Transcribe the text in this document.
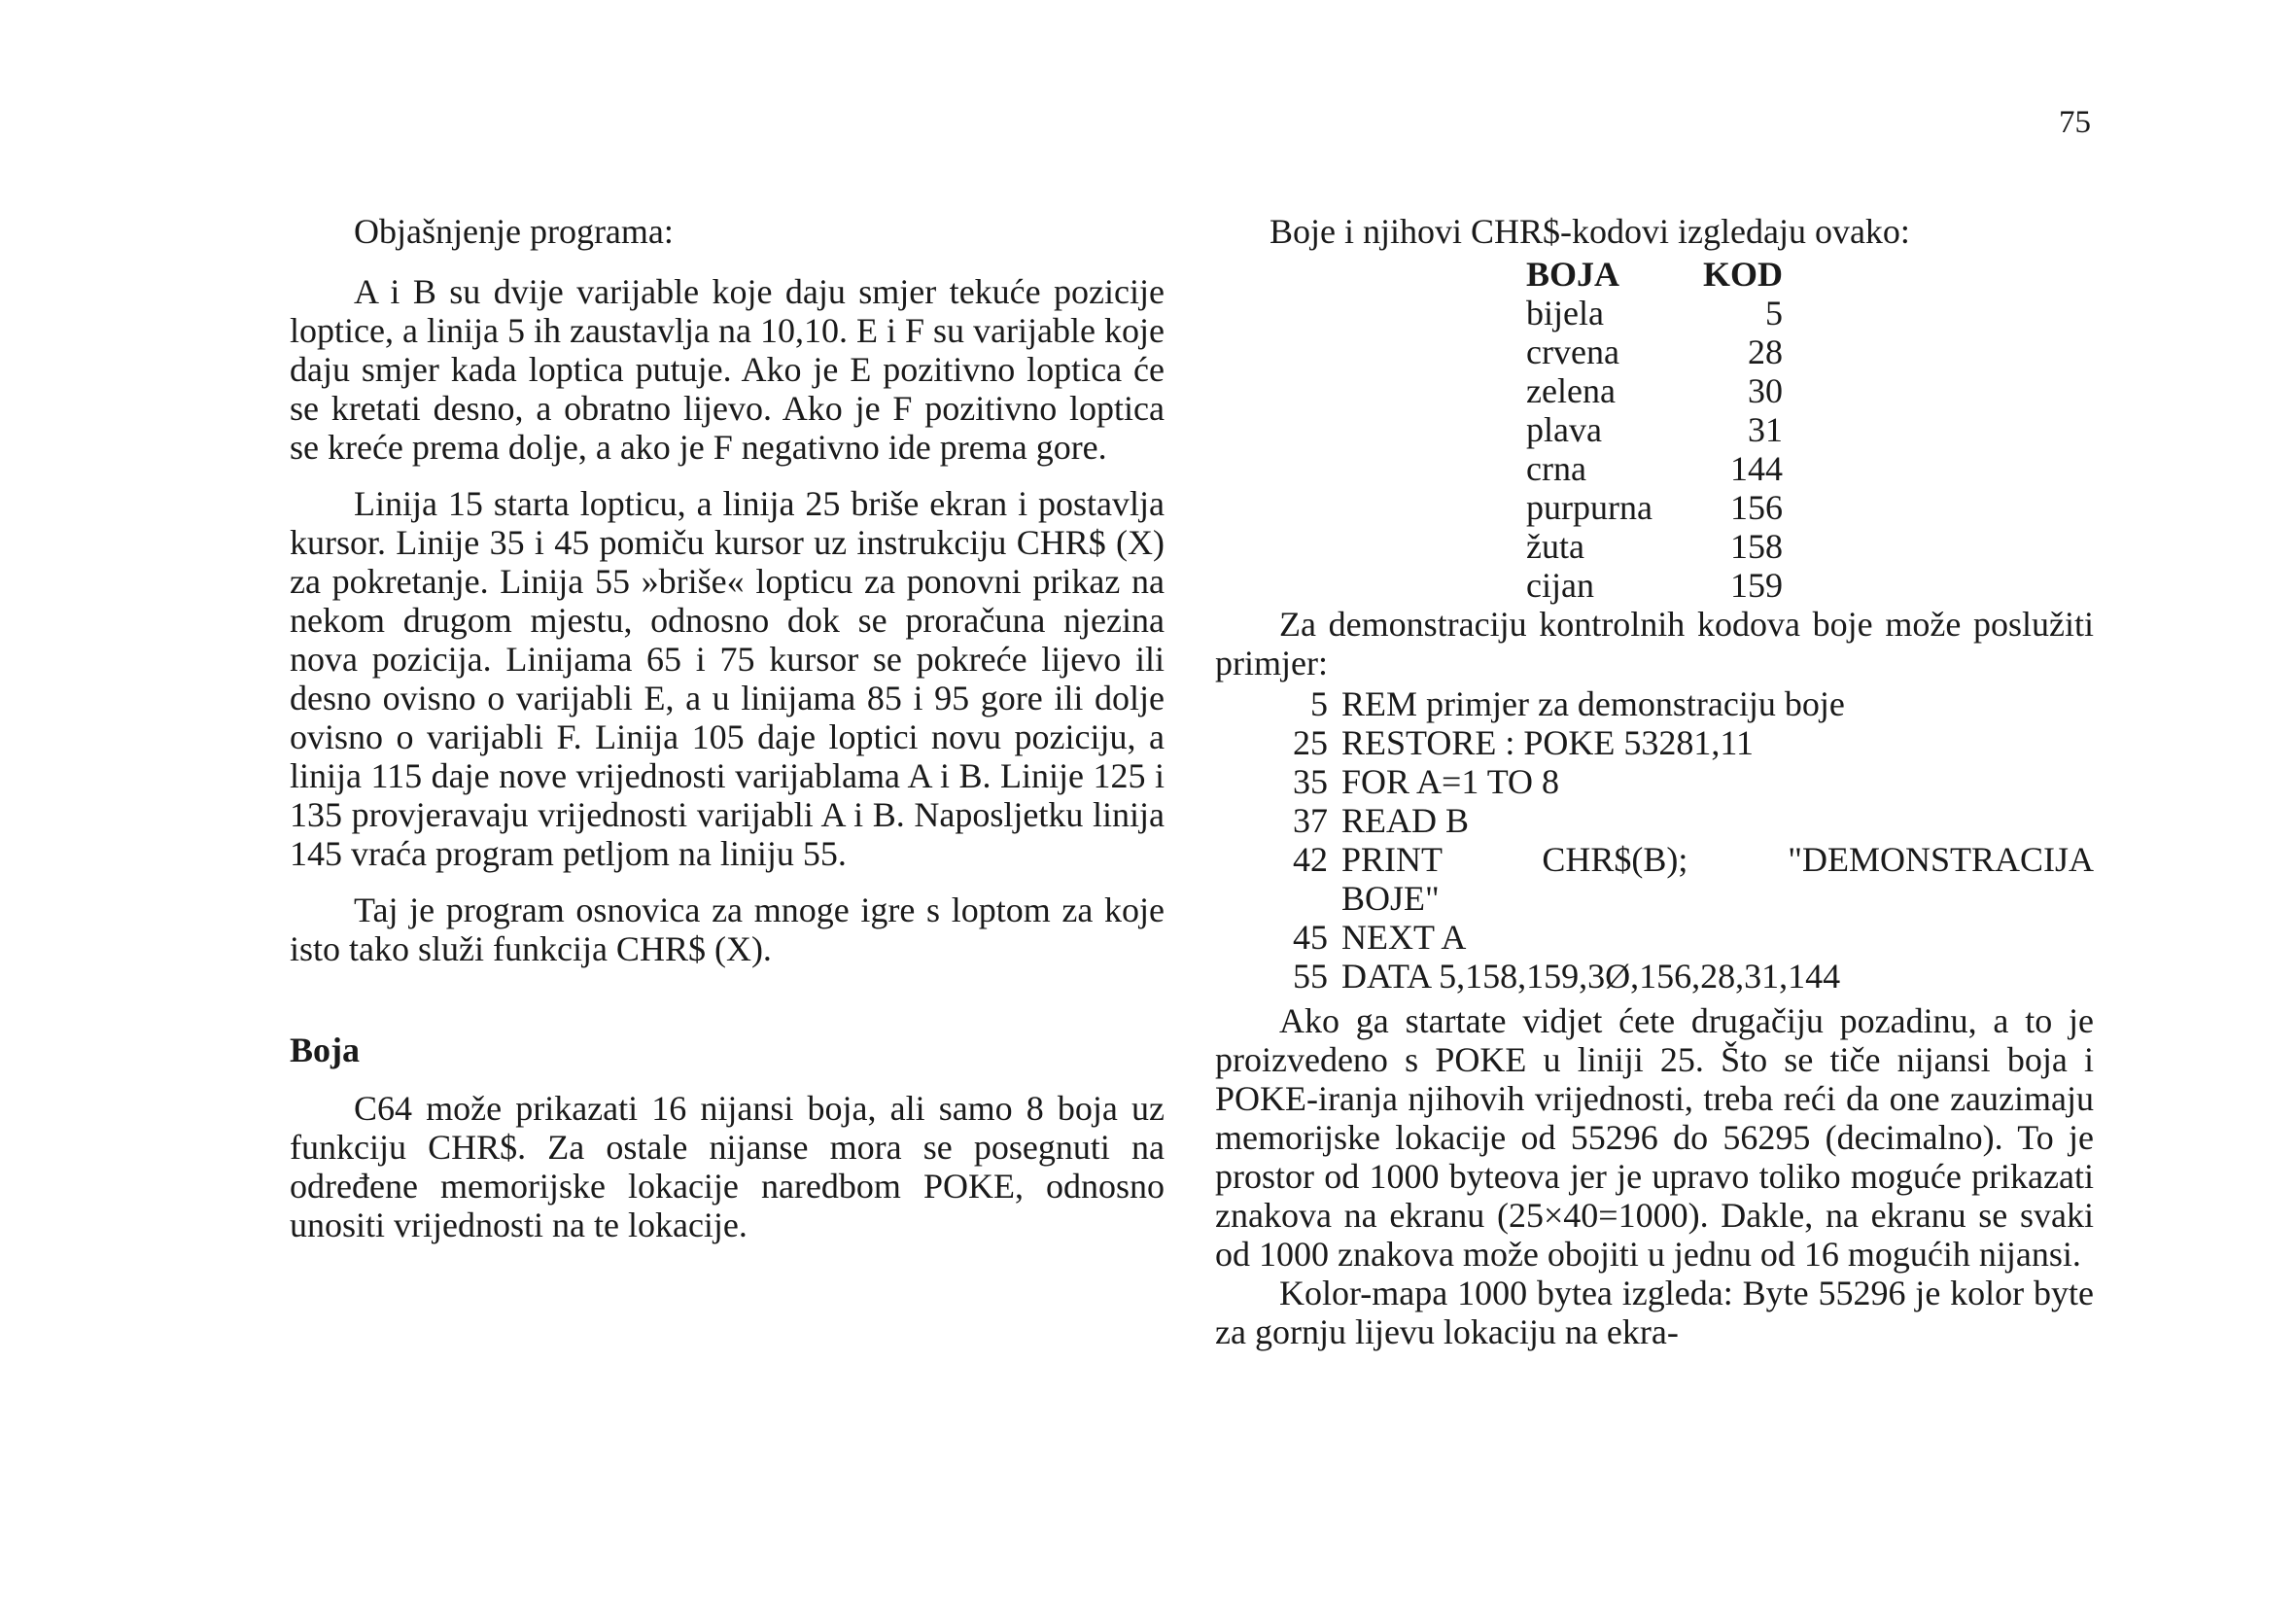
75
Objašnjenje programa:

A i B su dvije varijable koje daju smjer tekuće pozicije loptice, a linija 5 ih zaustavlja na 10,10. E i F su varijable koje daju smjer kada loptica putuje. Ako je E pozitivno loptica će se kretati desno, a obratno lijevo. Ako je F pozitivno loptica se kreće prema dolje, a ako je F negativno ide prema gore.

Linija 15 starta lopticu, a linija 25 briše ekran i postavlja kursor. Linije 35 i 45 pomiču kursor uz instrukciju CHR$ (X) za pokretanje. Linija 55 »briše« lopticu za ponovni prikaz na nekom drugom mjestu, odnosno dok se proračuna njezina nova pozicija. Linijama 65 i 75 kursor se pokreće lijevo ili desno ovisno o varijabli E, a u linijama 85 i 95 gore ili dolje ovisno o varijabli F. Linija 105 daje loptici novu poziciju, a linija 115 daje nove vrijednosti varijablama A i B. Linije 125 i 135 provjeravaju vrijednosti varijabli A i B. Naposljetku linija 145 vraća program petljom na liniju 55.

Taj je program osnovica za mnoge igre s loptom za koje isto tako služi funkcija CHR$ (X).

Boja

C64 može prikazati 16 nijansi boja, ali samo 8 boja uz funkciju CHR$. Za ostale nijanse mora se posegnuti na određene memorijske lokacije naredbom POKE, odnosno unositi vrijednosti na te lokacije.

Boje i njihovi CHR$-kodovi izgledaju ovako:
BOJA	KOD
bijela	5
crvena	28
zelena	30
plava	31
crna	144
purpurna	156
žuta	158
cijan	159

Za demonstraciju kontrolnih kodova boje može poslužiti primjer:

5 REM primjer za demonstraciju boje
25 RESTORE : POKE 53281,11
35 FOR A=1 TO 8
37 READ B
42 PRINT CHR$(B); "DEMONSTRACIJA
BOJE"
45 NEXT A
55 DATA 5,158,159,3Ø,156,28,31,144

Ako ga startate vidjet ćete drugačiju pozadinu, a to je proizvedeno s POKE u liniji 25. Što se tiče nijansi boja i POKE-iranja njihovih vrijednosti, treba reći da one zauzimaju memorijske lokacije od 55296 do 56295 (decimalno). To je prostor od 1000 byteova jer je upravo toliko moguće prikazati znakova na ekranu (25×40=1000). Dakle, na ekranu se svaki od 1000 znakova može obojiti u jednu od 16 mogućih nijansi.

Kolor-mapa 1000 bytea izgleda: Byte 55296 je kolor byte za gornju lijevu lokaciju na ekra-
